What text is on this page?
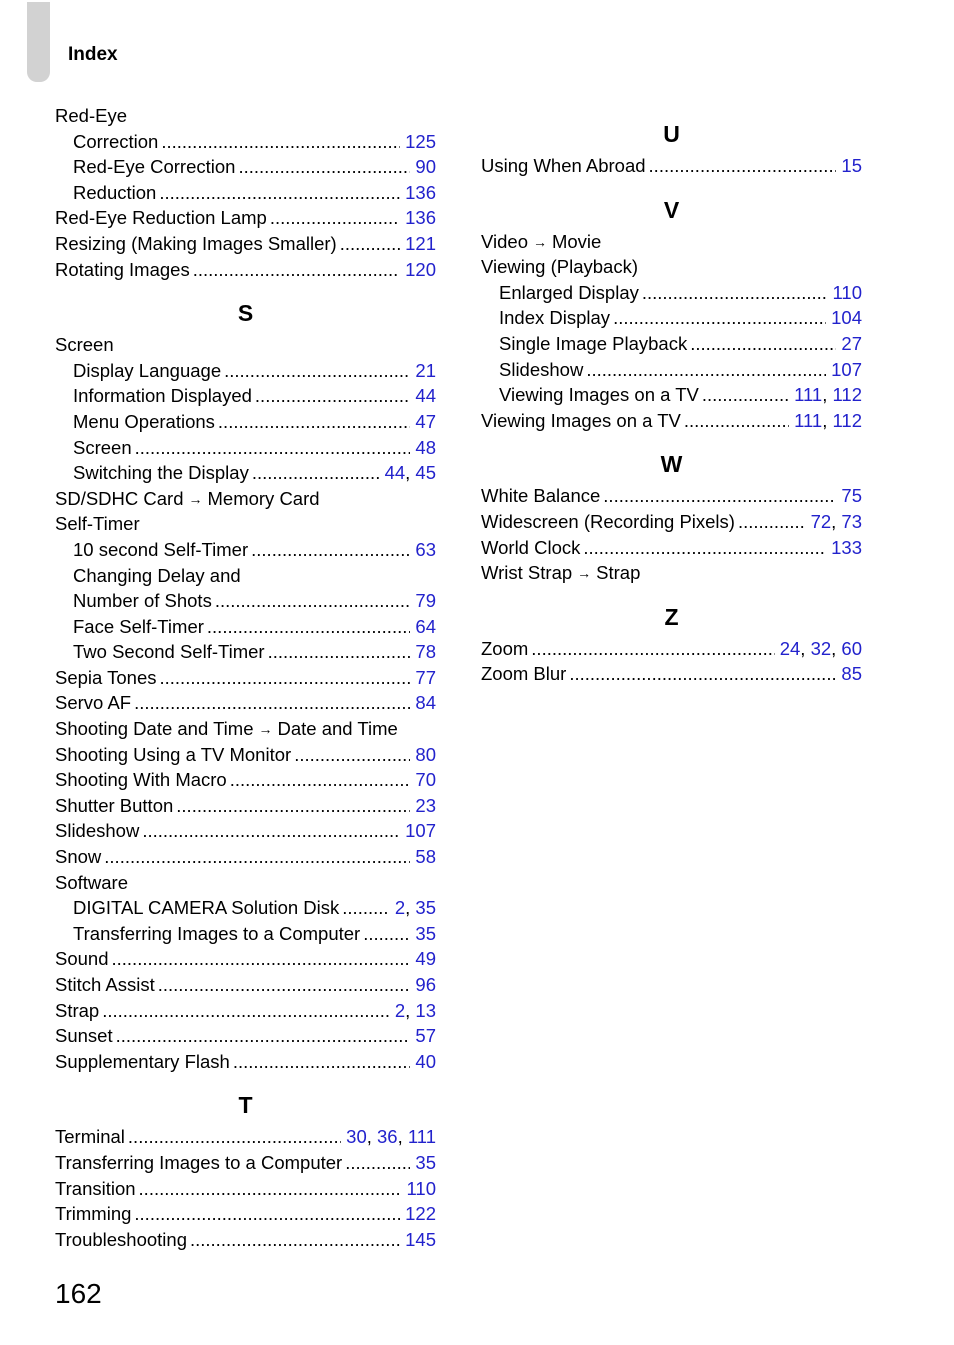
Index
Red-Eye
Correction .....	125
Red-Eye Correction .....	90
Reduction .....	136
Red-Eye Reduction Lamp .....	136
Resizing (Making Images Smaller) .....	121
Rotating Images .....	120
S
Screen
Display Language .....	21
Information Displayed .....	44
Menu Operations .....	47
Screen .....	48
Switching the Display .....	44, 45
SD/SDHC Card → Memory Card
Self-Timer
10 second Self-Timer .....	63
Changing Delay and
Number of Shots .....	79
Face Self-Timer .....	64
Two Second Self-Timer .....	78
Sepia Tones .....	77
Servo AF .....	84
Shooting Date and Time → Date and Time
Shooting Using a TV Monitor .....	80
Shooting With Macro .....	70
Shutter Button .....	23
Slideshow .....	107
Snow .....	58
Software
DIGITAL CAMERA Solution Disk .....	2, 35
Transferring Images to a Computer .....	35
Sound .....	49
Stitch Assist .....	96
Strap .....	2, 13
Sunset .....	57
Supplementary Flash .....	40
T
Terminal .....	30, 36, 111
Transferring Images to a Computer .....	35
Transition .....	110
Trimming .....	122
Troubleshooting .....	145
U
Using When Abroad .....	15
V
Video → Movie
Viewing (Playback)
Enlarged Display .....	110
Index Display .....	104
Single Image Playback .....	27
Slideshow .....	107
Viewing Images on a TV .....	111, 112
Viewing Images on a TV .....	111, 112
W
White Balance .....	75
Widescreen (Recording Pixels) .....	72, 73
World Clock .....	133
Wrist Strap → Strap
Z
Zoom .....	24, 32, 60
Zoom Blur .....	85
162
